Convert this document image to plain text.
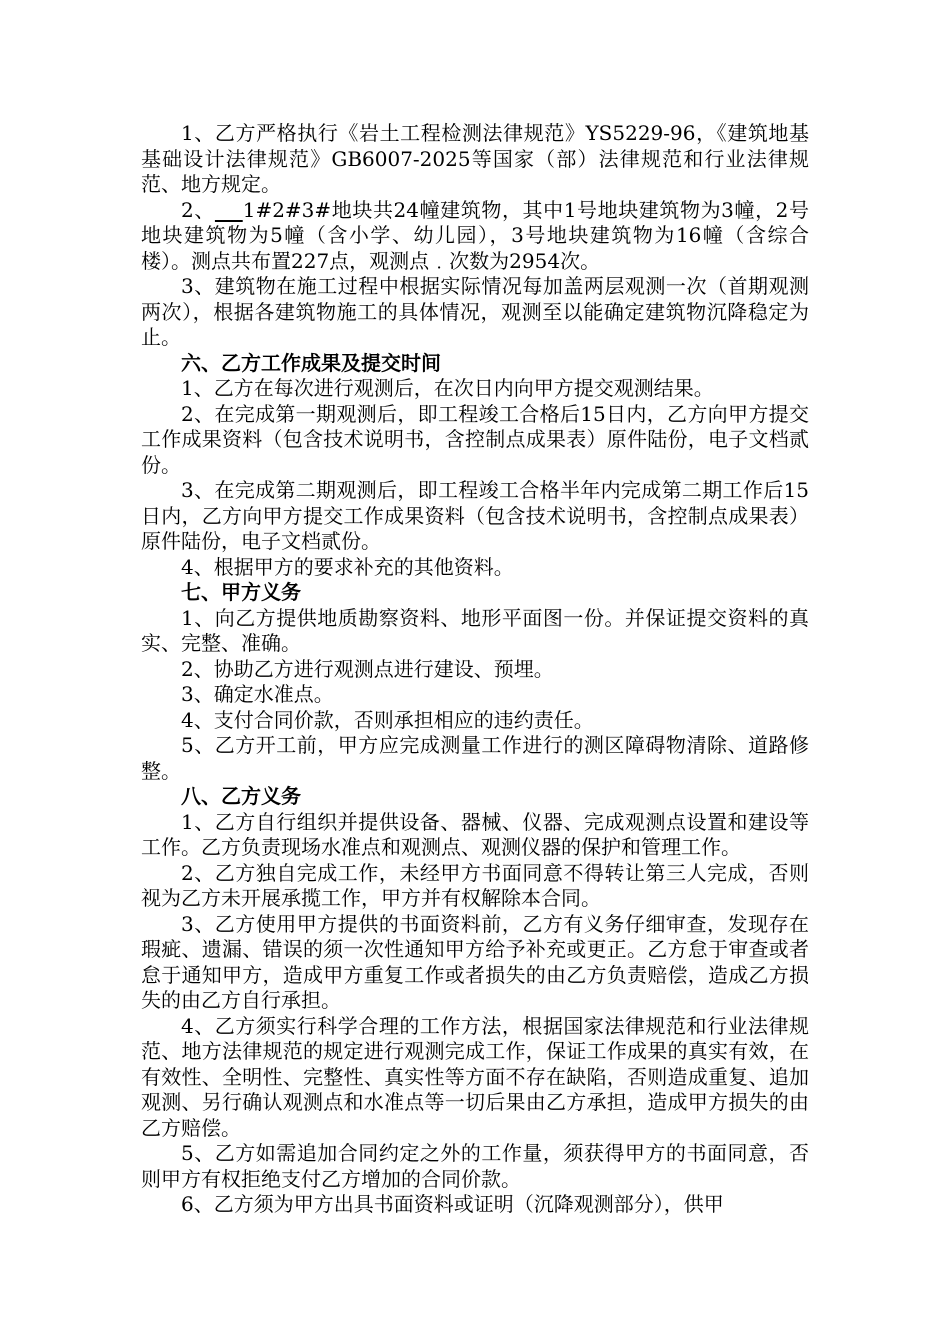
1、乙方严格执行《岩土工程检测法律规范》YS5229-96，《建筑地基基础设计法律规范》GB6007-2025等国家（部）法律规范和行业法律规范、地方规定。

2、 1#2#3#地块共24幢建筑物，其中1号地块建筑物为3幢，2号地块建筑物为5幢（含小学、幼儿园），3号地块建筑物为16幢（含综合楼）。测点共布置227点，观测点﹒次数为2954次。

3、建筑物在施工过程中根据实际情况每加盖两层观测一次（首期观测两次），根据各建筑物施工的具体情况，观测至以能确定建筑物沉降稳定为止。

六、乙方工作成果及提交时间

1、乙方在每次进行观测后，在次日内向甲方提交观测结果。

2、在完成第一期观测后，即工程竣工合格后15日内，乙方向甲方提交工作成果资料（包含技术说明书，含控制点成果表）原件陆份，电子文档贰份。

3、在完成第二期观测后，即工程竣工合格半年内完成第二期工作后15日内，乙方向甲方提交工作成果资料（包含技术说明书，含控制点成果表）原件陆份，电子文档贰份。

4、根据甲方的要求补充的其他资料。

七、甲方义务

1、向乙方提供地质勘察资料、地形平面图一份。并保证提交资料的真实、完整、准确。

2、协助乙方进行观测点进行建设、预埋。

3、确定水准点。

4、支付合同价款，否则承担相应的违约责任。

5、乙方开工前，甲方应完成测量工作进行的测区障碍物清除、道路修整。

八、乙方义务

1、乙方自行组织并提供设备、器械、仪器、完成观测点设置和建设等工作。乙方负责现场水准点和观测点、观测仪器的保护和管理工作。

2、乙方独自完成工作，未经甲方书面同意不得转让第三人完成，否则视为乙方未开展承揽工作，甲方并有权解除本合同。

3、乙方使用甲方提供的书面资料前，乙方有义务仔细审查，发现存在瑕疵、遗漏、错误的须一次性通知甲方给予补充或更正。乙方怠于审查或者怠于通知甲方，造成甲方重复工作或者损失的由乙方负责赔偿，造成乙方损失的由乙方自行承担。

4、乙方须实行科学合理的工作方法，根据国家法律规范和行业法律规范、地方法律规范的规定进行观测完成工作，保证工作成果的真实有效，在有效性、全明性、完整性、真实性等方面不存在缺陷，否则造成重复、追加观测、另行确认观测点和水准点等一切后果由乙方承担，造成甲方损失的由乙方赔偿。

5、乙方如需追加合同约定之外的工作量，须获得甲方的书面同意，否则甲方有权拒绝支付乙方增加的合同价款。

6、乙方须为甲方出具书面资料或证明（沉降观测部分），供甲
